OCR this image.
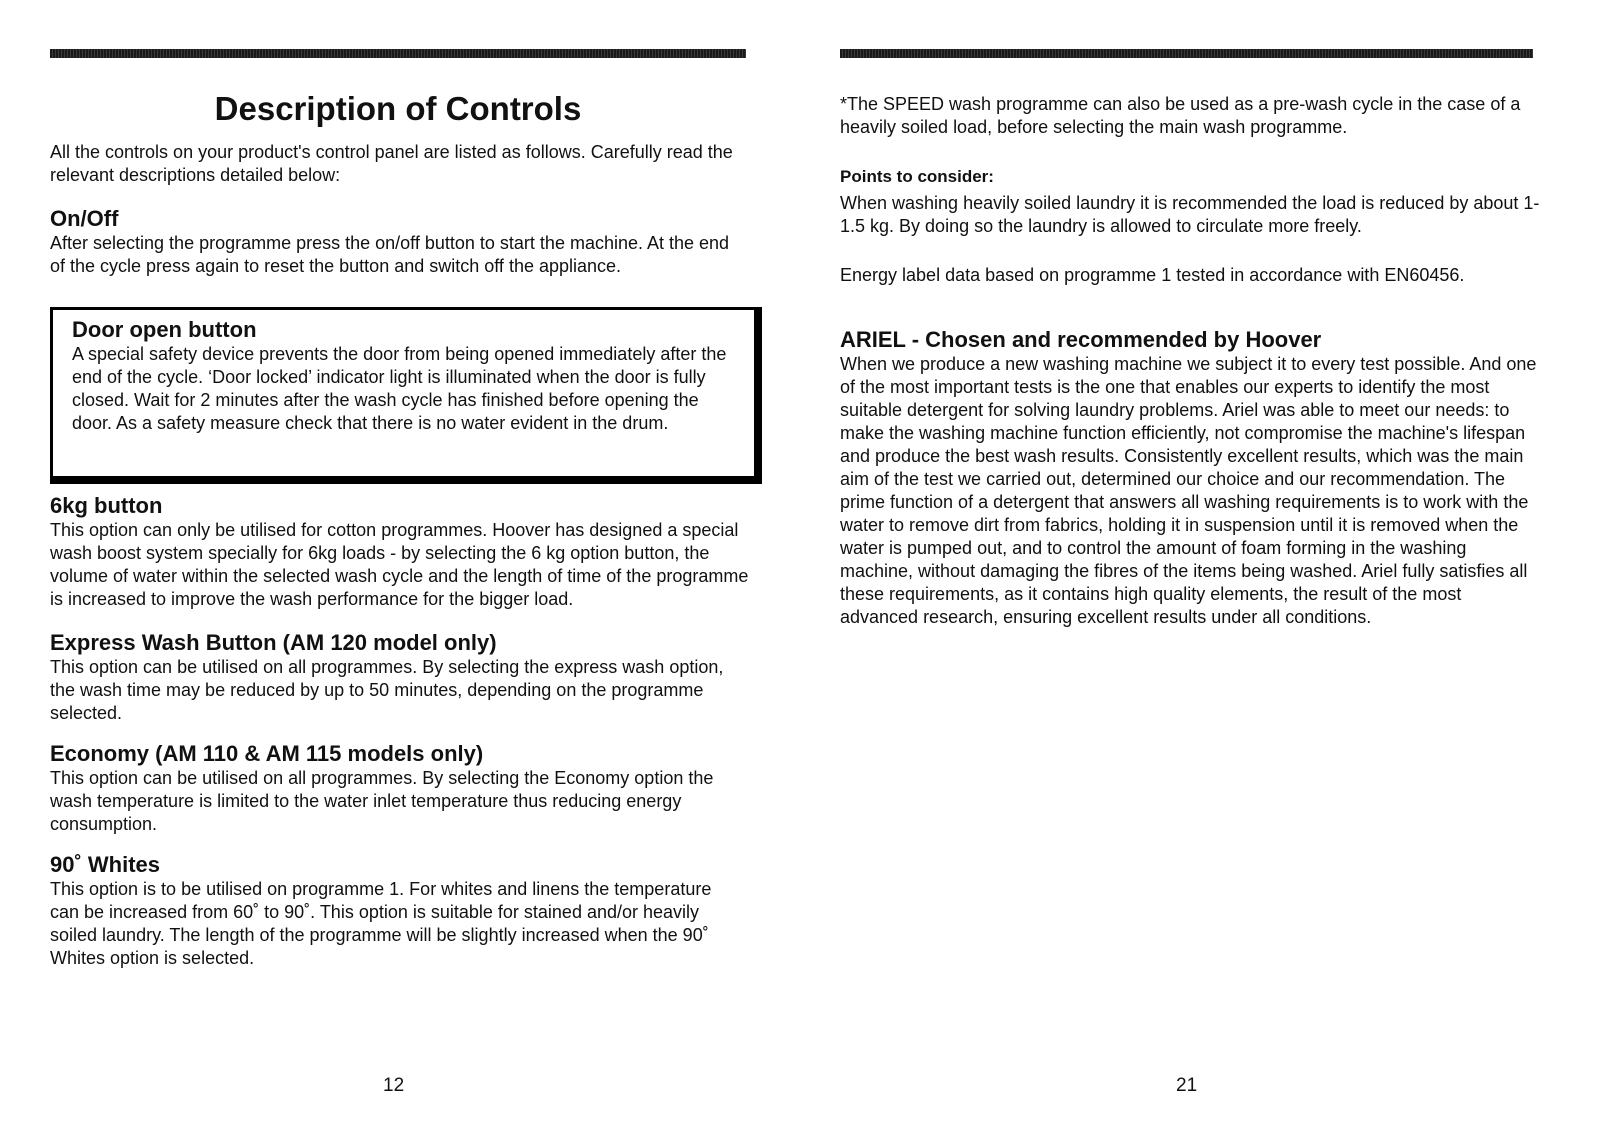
Description of Controls

All the controls on your product's control panel are listed as follows. Carefully read the relevant descriptions detailed below:

On/Off

After selecting the programme press the on/off button to start the machine. At the end of the cycle press again to reset the button and switch off the appliance.

Door open button

A special safety device prevents the door from being opened immediately after the end of the cycle. ‘Door locked’ indicator light is illuminated when the door is fully closed. Wait for 2 minutes after the wash cycle has finished before opening the door. As a safety measure check that there is no water evident in the drum.

6kg button

This option can only be utilised for cotton programmes. Hoover has designed a special wash boost system specially for 6kg loads - by selecting the 6 kg option button, the volume of water within the selected wash cycle and the length of time of the programme is increased to improve the wash performance for the bigger load.

Express Wash Button (AM 120 model only)

This option can be utilised on all programmes. By selecting the express wash option, the wash time may be reduced by up to 50 minutes, depending on the programme selected.

Economy (AM 110 & AM 115 models only)

This option can be utilised on all programmes. By selecting the Economy option the wash temperature is limited to the water inlet temperature thus reducing energy consumption.

90˚ Whites

This option is to be utilised on programme 1. For whites and linens the temperature can be increased from 60˚ to 90˚. This option is suitable for stained and/or heavily soiled laundry. The length of the programme will be slightly increased when the 90˚ Whites option is selected.

12

*The SPEED wash programme can also be used as a pre-wash cycle in the case of a heavily soiled load, before selecting the main wash programme.

Points to consider:

When washing heavily soiled laundry it is recommended the load is reduced by about 1-1.5 kg. By doing so the laundry is allowed to circulate more freely.

Energy label data based on programme 1 tested in accordance with EN60456.

ARIEL - Chosen and recommended by Hoover

When we produce a new washing machine we subject it to every test possible. And one of the most important tests is the one that enables our experts to identify the most suitable detergent for solving laundry problems. Ariel was able to meet our needs: to make the washing machine function efficiently, not compromise the machine's lifespan and produce the best wash results. Consistently excellent results, which was the main aim of the test we carried out, determined our choice and our recommendation. The prime function of a detergent that answers all washing requirements is to work with the water to remove dirt from fabrics, holding it in suspension until it is removed when the water is pumped out, and to control the amount of foam forming in the washing machine, without damaging the fibres of the items being washed. Ariel fully satisfies all these requirements, as it contains high quality elements, the result of the most advanced research, ensuring excellent results under all conditions.

21
